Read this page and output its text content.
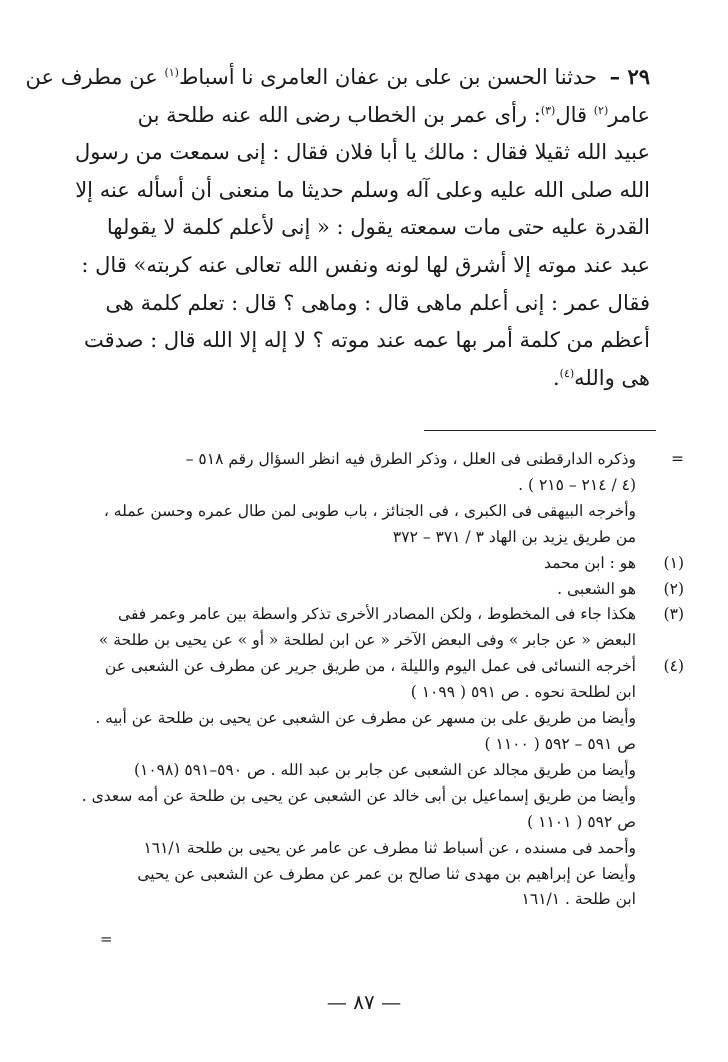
٢٩ – حدثنا الحسن بن على بن عفان العامرى نا أسباط$^{(١)}$ عن مطرف عن
عامر$^{(٢)}$ قال$^{(٣)}$: رأى عمر بن الخطاب رضى الله عنه طلحة بن
عبيد الله ثقيلا فقال : مالك يا أبا فلان فقال : إنى سمعت من رسول
الله صلى الله عليه وعلى آله وسلم حديثا ما منعنى أن أسأله عنه إلا
القدرة عليه حتى مات سمعته يقول : « إنى لأعلم كلمة لا يقولها
عبد عند موته إلا أشرق لها لونه ونفس الله تعالى عنه كربته» قال :
فقال عمر : إنى أعلم ماهى قال : وماهى ؟ قال : تعلم كلمة هى
أعظم من كلمة أمر بها عمه عند موته ؟ لا إله إلا الله قال : صدقت
هى والله$^{(٤)}$.
=
وذكره الدارقطنى فى العلل ، وذكر الطرق فيه انظر السؤال رقم ٥١٨ –
(٤ / ٢١٤ – ٢١٥ ) .
وأخرجه البيهقى فى الكبرى ، فى الجنائز ، باب طوبى لمن طال عمره وحسن عمله ،
من طريق يزيد بن الهاد ٣ / ٣٧١ – ٣٧٢
(١)
هو : ابن محمد
(٢)
هو الشعبى .
(٣)
هكذا جاء فى المخطوط ، ولكن المصادر الأخرى تذكر واسطة بين عامر وعمر ففى
البعض « عن جابر » وفى البعض الآخر « عن ابن لطلحة « أو » عن يحيى بن طلحة »
(٤)
أخرجه النسائى فى عمل اليوم والليلة ، من طريق جرير عن مطرف عن الشعبى عن
ابن لطلحة نحوه . ص ٥٩١ ( ١٠٩٩ )
وأيضا من طريق على بن مسهر عن مطرف عن الشعبى عن يحيى بن طلحة عن أبيه .
ص ٥٩١ – ٥٩٢ ( ١١٠٠ )
وأيضا من طريق مجالد عن الشعبى عن جابر بن عبد الله . ص ٥٩٠–٥٩١ (١٠٩٨)
وأيضا من طريق إسماعيل بن أبى خالد عن الشعبى عن يحيى بن طلحة عن أمه سعدى .
ص ٥٩٢ ( ١١٠١ )
وأحمد فى مسنده ، عن أسباط ثنا مطرف عن عامر عن يحيى بن طلحة ١٦١/١
وأيضا عن إبراهيم بن مهدى ثنا صالح بن عمر عن مطرف عن الشعبى عن يحيى
ابن طلحة . ١٦١/١
=
— ٨٧ —
